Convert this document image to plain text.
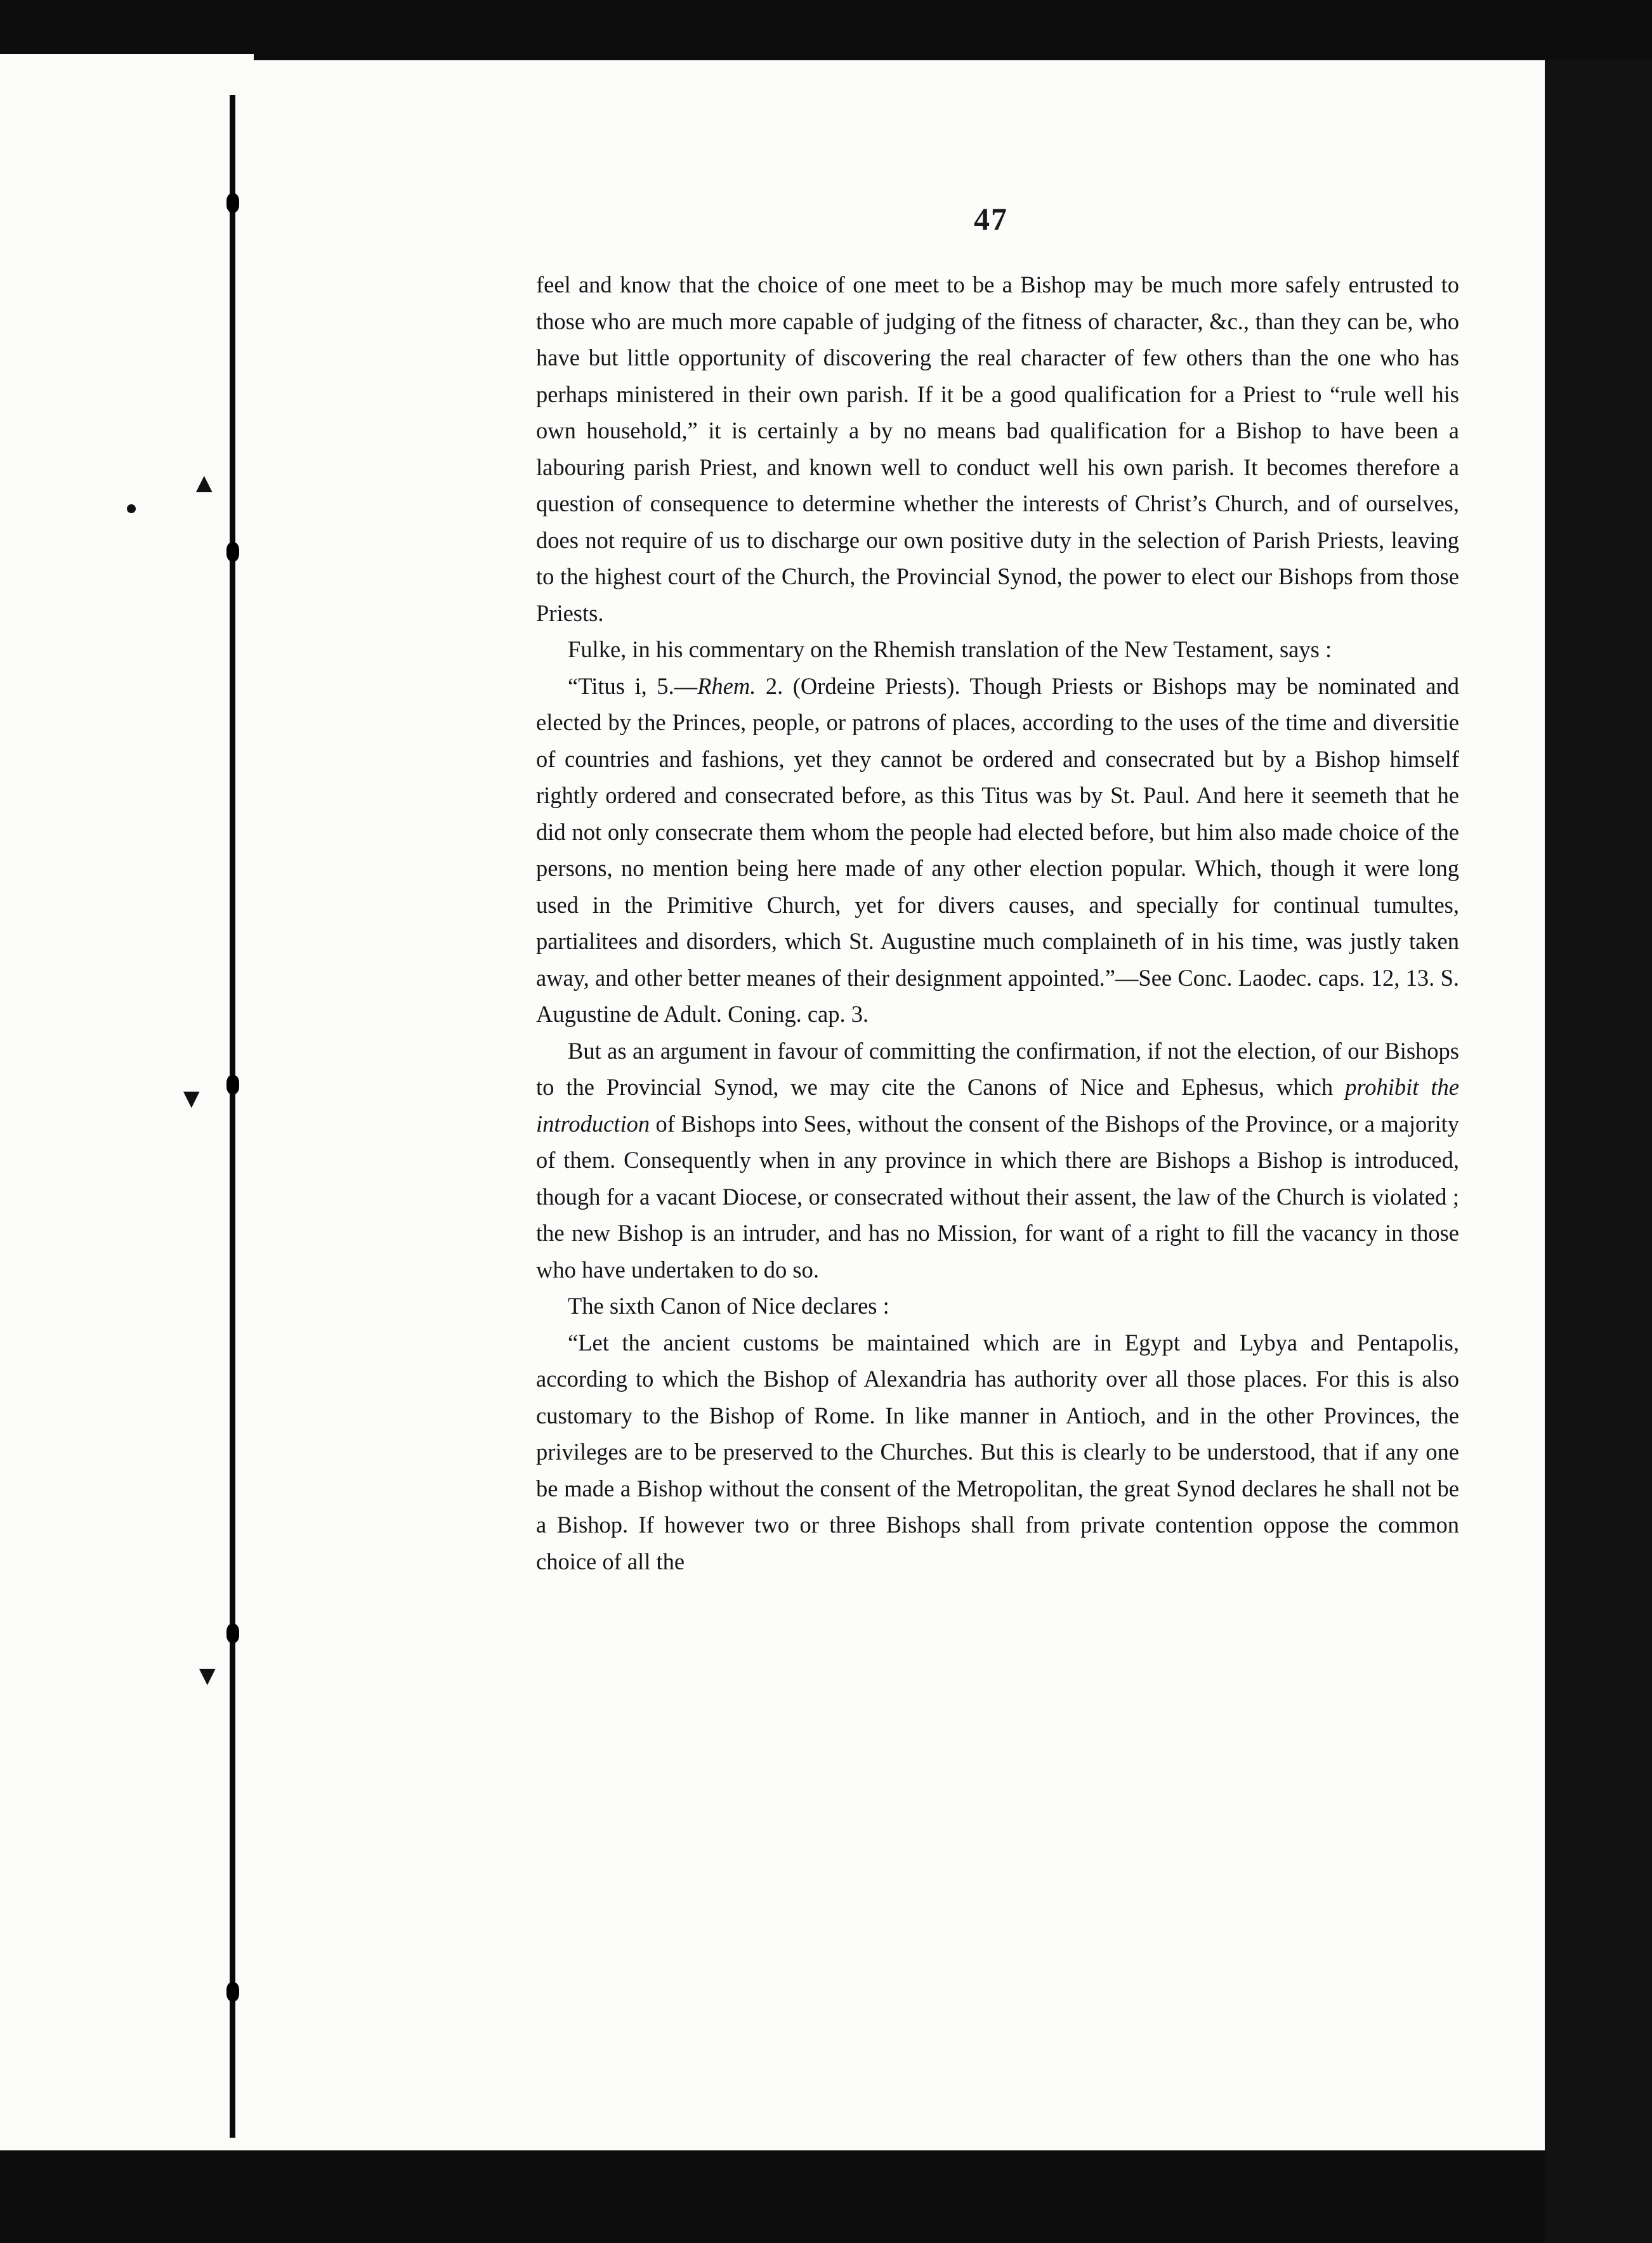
▲
▼
▼
47

feel and know that the choice of one meet to be a Bishop may be much more safely entrusted to those who are much more capable of judging of the fitness of character, &c., than they can be, who have but little opportunity of discovering the real character of few others than the one who has perhaps ministered in their own parish. If it be a good qualification for a Priest to “rule well his own household,” it is certainly a by no means bad qualification for a Bishop to have been a labouring parish Priest, and known well to conduct well his own parish. It becomes therefore a question of consequence to determine whether the interests of Christ’s Church, and of ourselves, does not require of us to discharge our own positive duty in the selection of Parish Priests, leaving to the highest court of the Church, the Provincial Synod, the power to elect our Bishops from those Priests.

Fulke, in his commentary on the Rhemish translation of the New Testament, says :

“Titus i, 5.—Rhem. 2. (Ordeine Priests). Though Priests or Bishops may be nominated and elected by the Princes, people, or patrons of places, according to the uses of the time and diversitie of countries and fashions, yet they cannot be ordered and consecrated but by a Bishop himself rightly ordered and consecrated before, as this Titus was by St. Paul. And here it seemeth that he did not only consecrate them whom the people had elected before, but him also made choice of the persons, no mention being here made of any other election popular. Which, though it were long used in the Primitive Church, yet for divers causes, and specially for continual tumultes, partialitees and disorders, which St. Augustine much complaineth of in his time, was justly taken away, and other better meanes of their designment appointed.”—See Conc. Laodec. caps. 12, 13. S. Augustine de Adult. Coning. cap. 3.

But as an argument in favour of committing the confirmation, if not the election, of our Bishops to the Provincial Synod, we may cite the Canons of Nice and Ephesus, which prohibit the introduction of Bishops into Sees, without the consent of the Bishops of the Province, or a majority of them. Consequently when in any province in which there are Bishops a Bishop is introduced, though for a vacant Diocese, or consecrated without their assent, the law of the Church is violated ; the new Bishop is an intruder, and has no Mission, for want of a right to fill the vacancy in those who have undertaken to do so.

The sixth Canon of Nice declares :

“Let the ancient customs be maintained which are in Egypt and Lybya and Pentapolis, according to which the Bishop of Alexandria has authority over all those places. For this is also customary to the Bishop of Rome. In like manner in Antioch, and in the other Provinces, the privileges are to be preserved to the Churches. But this is clearly to be understood, that if any one be made a Bishop without the consent of the Metropolitan, the great Synod declares he shall not be a Bishop. If however two or three Bishops shall from private contention oppose the common choice of all the
